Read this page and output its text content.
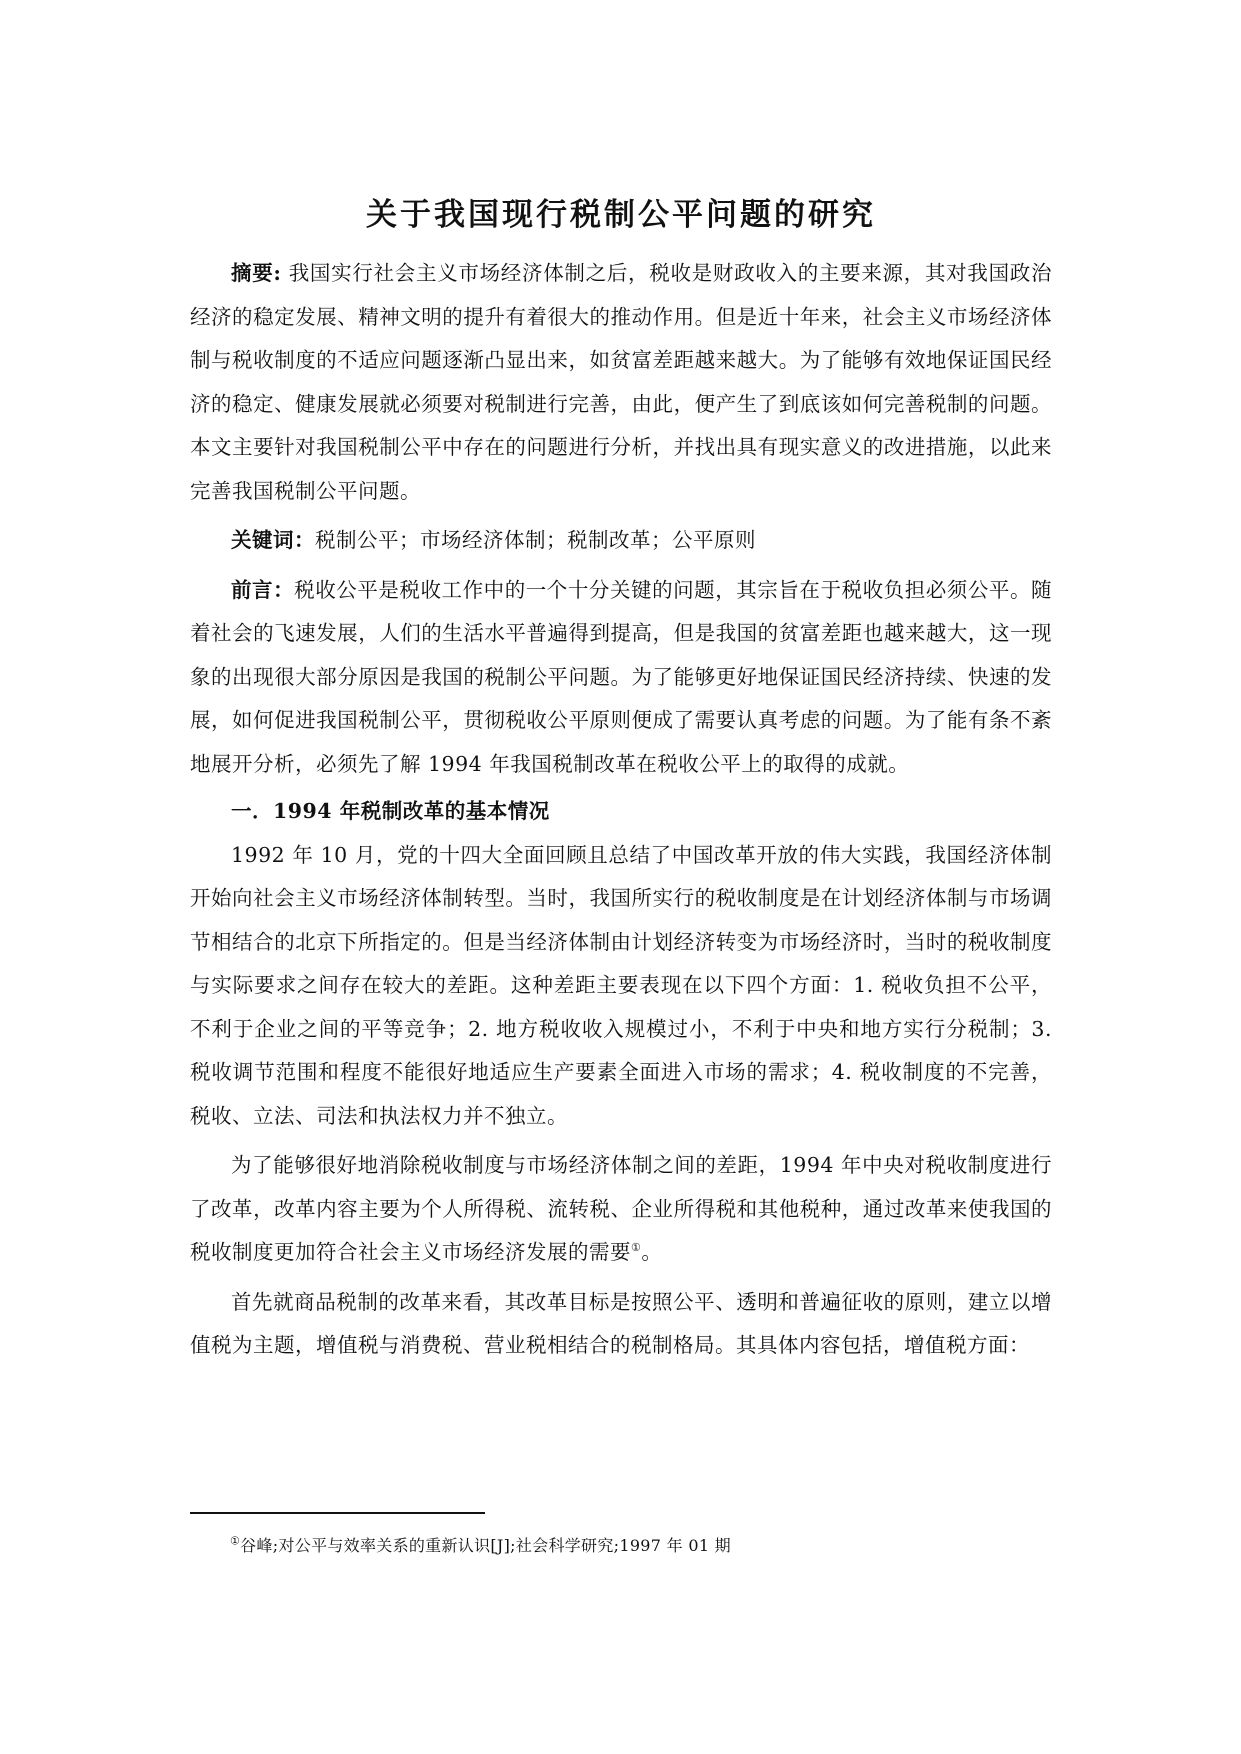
关于我国现行税制公平问题的研究

摘要: 我国实行社会主义市场经济体制之后，税收是财政收入的主要来源，其对我国政治经济的稳定发展、精神文明的提升有着很大的推动作用。但是近十年来，社会主义市场经济体制与税收制度的不适应问题逐渐凸显出来，如贫富差距越来越大。为了能够有效地保证国民经济的稳定、健康发展就必须要对税制进行完善，由此，便产生了到底该如何完善税制的问题。本文主要针对我国税制公平中存在的问题进行分析，并找出具有现实意义的改进措施，以此来完善我国税制公平问题。

关键词：税制公平；市场经济体制；税制改革；公平原则

前言：税收公平是税收工作中的一个十分关键的问题，其宗旨在于税收负担必须公平。随着社会的飞速发展，人们的生活水平普遍得到提高，但是我国的贫富差距也越来越大，这一现象的出现很大部分原因是我国的税制公平问题。为了能够更好地保证国民经济持续、快速的发展，如何促进我国税制公平，贯彻税收公平原则便成了需要认真考虑的问题。为了能有条不紊地展开分析，必须先了解 1994 年我国税制改革在税收公平上的取得的成就。

一．1994 年税制改革的基本情况

1992 年 10 月，党的十四大全面回顾且总结了中国改革开放的伟大实践，我国经济体制开始向社会主义市场经济体制转型。当时，我国所实行的税收制度是在计划经济体制与市场调节相结合的北京下所指定的。但是当经济体制由计划经济转变为市场经济时，当时的税收制度与实际要求之间存在较大的差距。这种差距主要表现在以下四个方面：1. 税收负担不公平，不利于企业之间的平等竞争；2. 地方税收收入规模过小，不利于中央和地方实行分税制；3. 税收调节范围和程度不能很好地适应生产要素全面进入市场的需求；4. 税收制度的不完善，税收、立法、司法和执法权力并不独立。

为了能够很好地消除税收制度与市场经济体制之间的差距，1994 年中央对税收制度进行了改革，改革内容主要为个人所得税、流转税、企业所得税和其他税种，通过改革来使我国的税收制度更加符合社会主义市场经济发展的需要①。

首先就商品税制的改革来看，其改革目标是按照公平、透明和普遍征收的原则，建立以增值税为主题，增值税与消费税、营业税相结合的税制格局。其具体内容包括，增值税方面：

①谷峰;对公平与效率关系的重新认识[J];社会科学研究;1997 年 01 期
